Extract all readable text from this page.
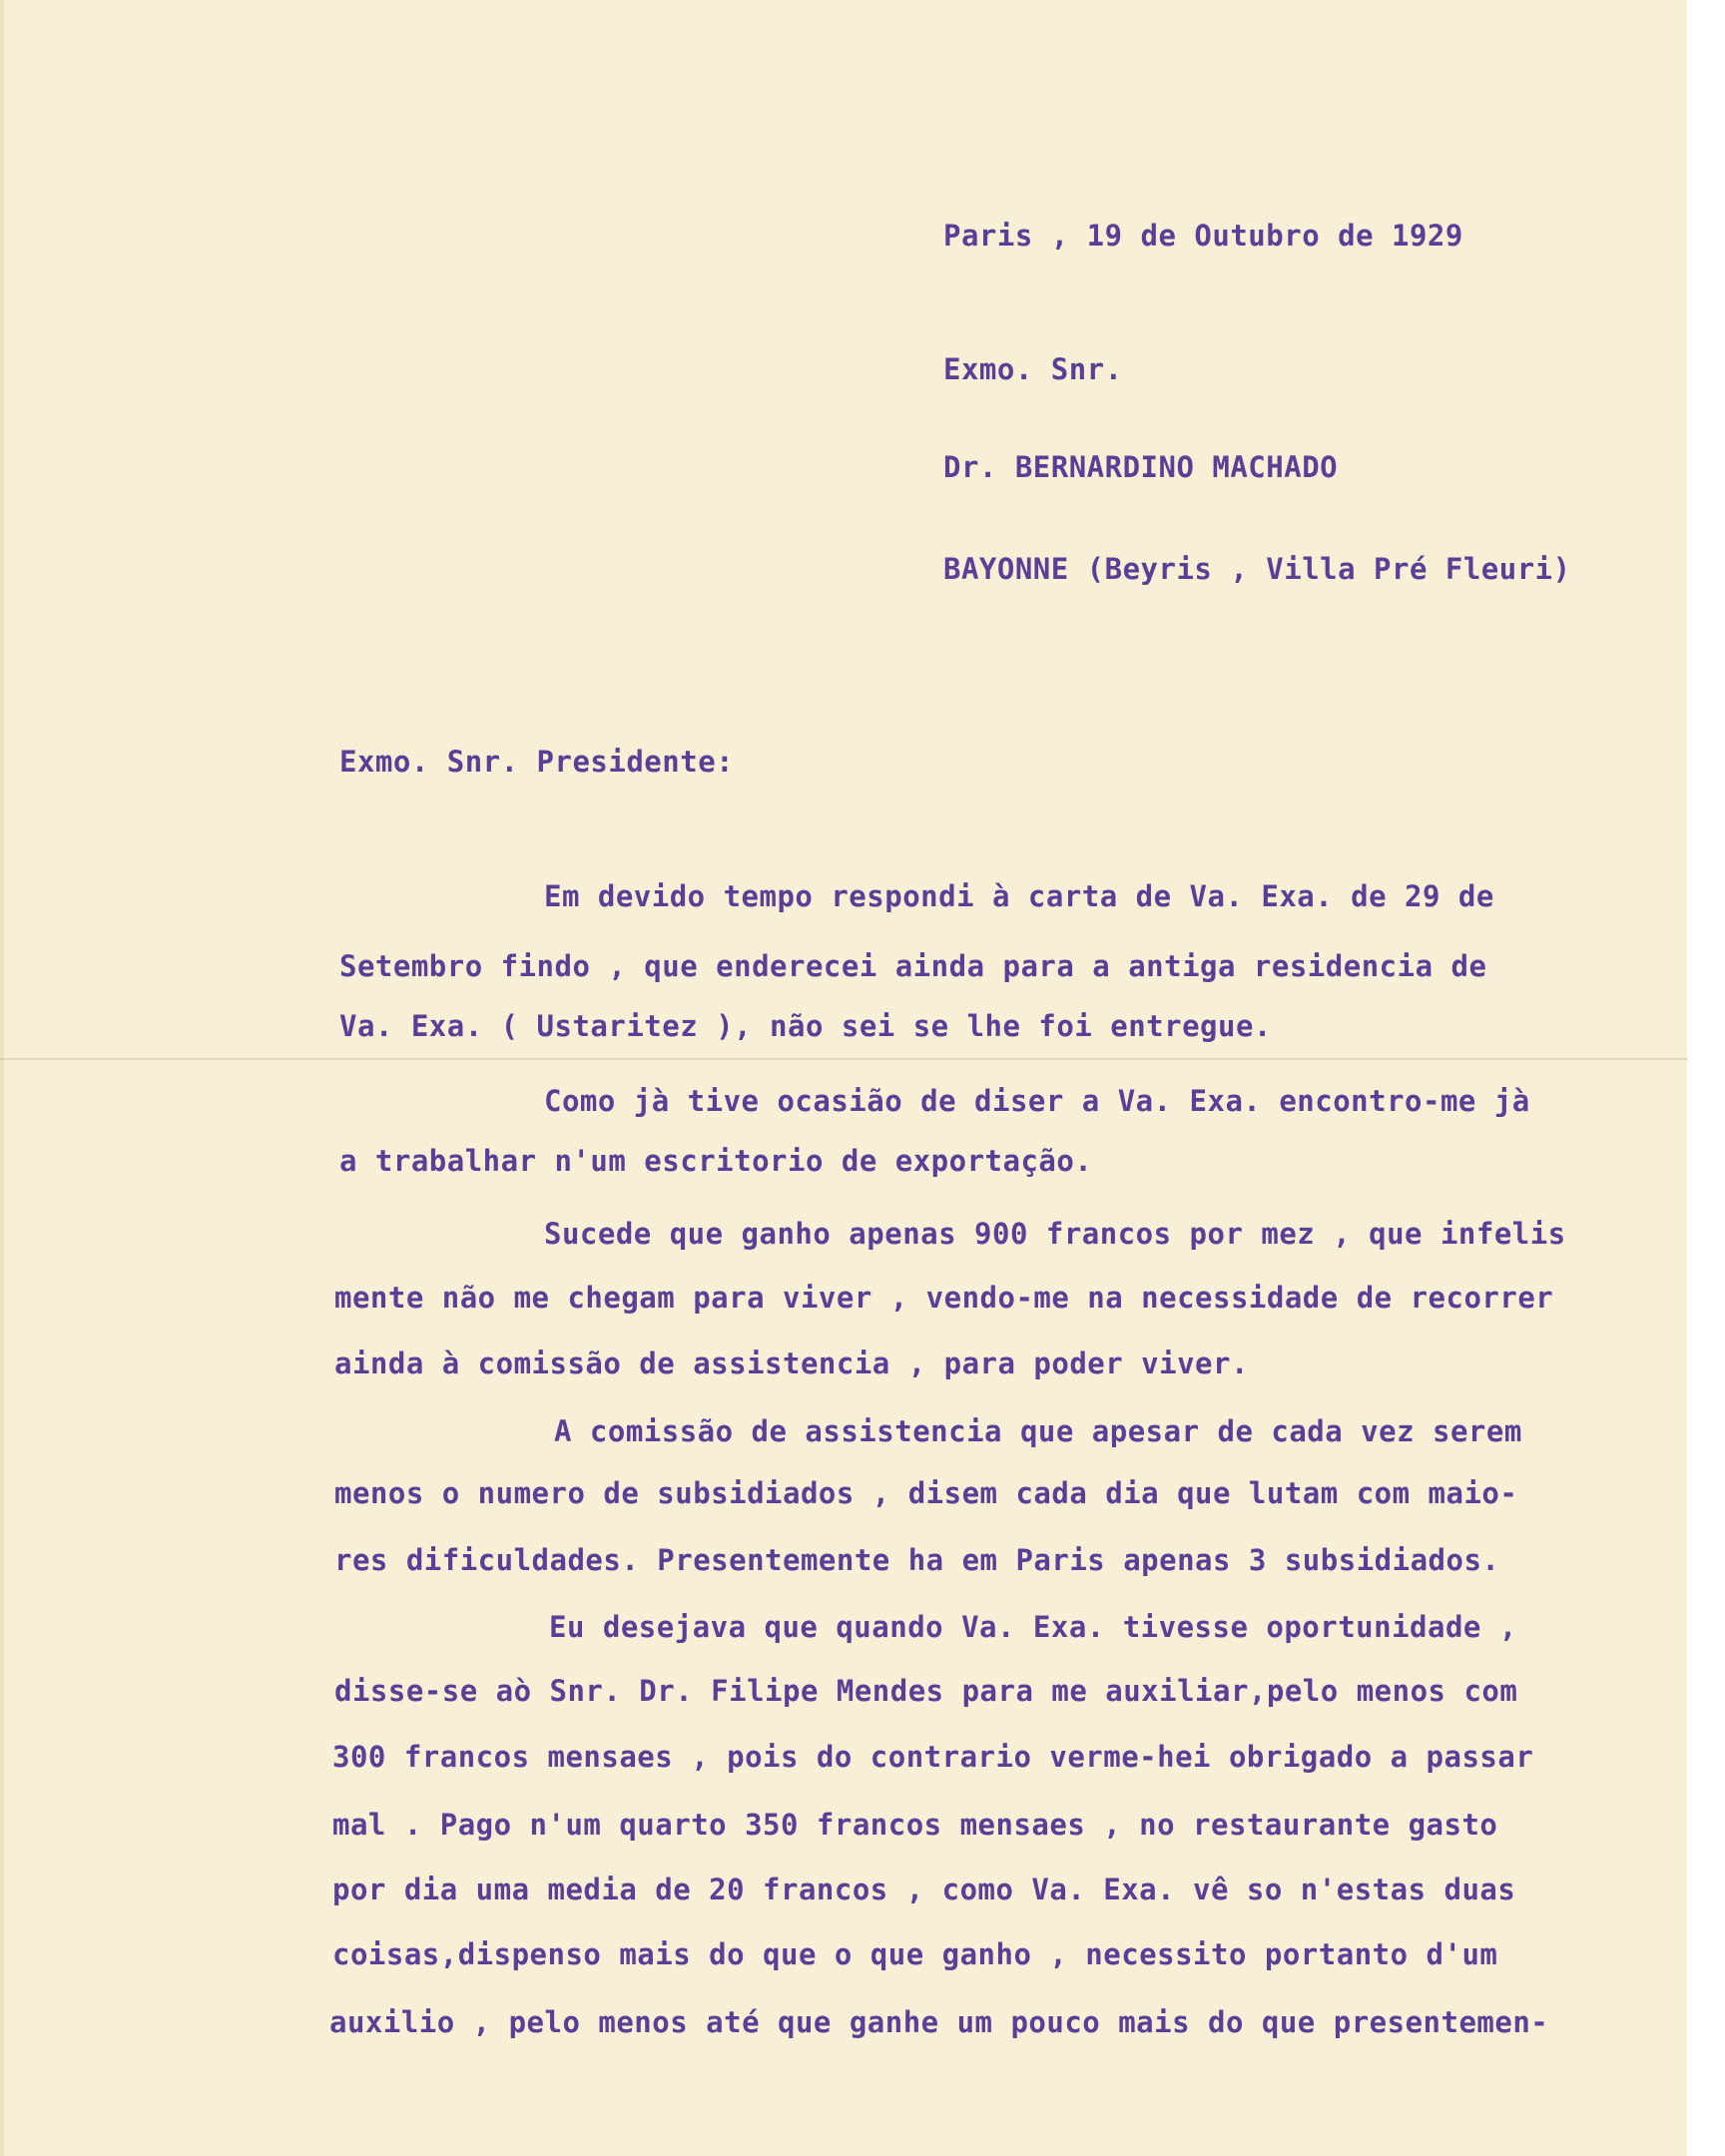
Paris , 19 de Outubro de 1929
Exmo. Snr.
Dr. BERNARDINO MACHADO
BAYONNE (Beyris , Villa Pré Fleuri)
Exmo. Snr. Presidente:
Em devido tempo respondi à carta de Va. Exa. de 29 de
Setembro findo , que enderecei ainda para a antiga residencia de
Va. Exa. ( Ustaritez ), não sei se lhe foi entregue.
Como jà tive ocasião de diser a Va. Exa. encontro-me jà
a trabalhar n'um escritorio de exportação.
Sucede que ganho apenas 900 francos por mez , que infelis
mente não me chegam para viver , vendo-me na necessidade de recorrer
ainda à comissão de assistencia , para poder viver.
A comissão de assistencia que apesar de cada vez serem
menos o numero de subsidiados , disem cada dia que lutam com maio-
res dificuldades. Presentemente ha em Paris apenas 3 subsidiados.
Eu desejava que quando Va. Exa. tivesse oportunidade ,
disse-se aò Snr. Dr. Filipe Mendes para me auxiliar,pelo menos com
300 francos mensaes , pois do contrario verme-hei obrigado a passar
mal . Pago n'um quarto 350 francos mensaes , no restaurante gasto
por dia uma media de 20 francos , como Va. Exa. vê so n'estas duas
coisas,dispenso mais do que o que ganho , necessito portanto d'um
auxilio , pelo menos até que ganhe um pouco mais do que presentemen-
